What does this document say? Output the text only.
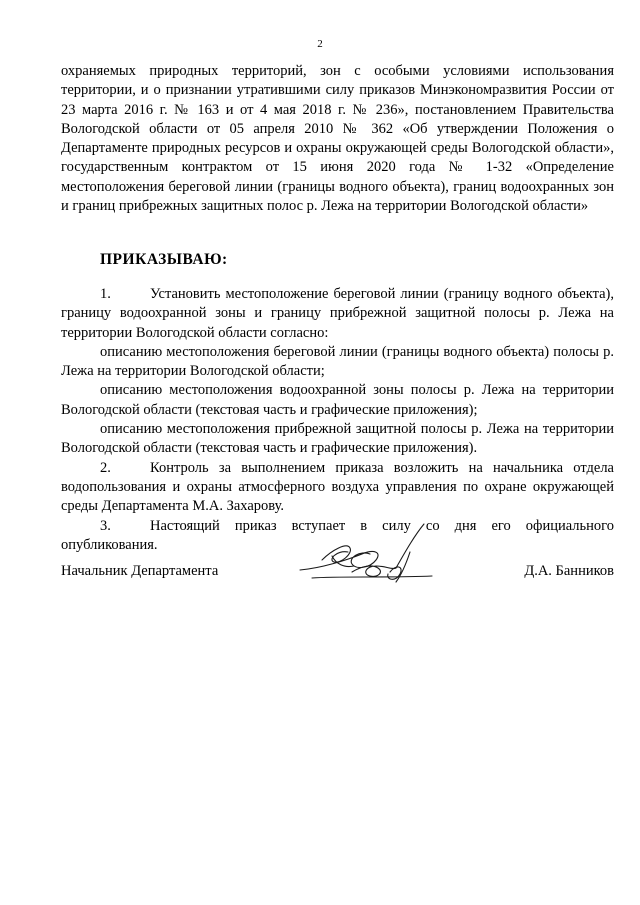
2

охраняемых природных территорий, зон с особыми условиями использования территории, и о признании утратившими силу приказов Минэкономразвития России от 23 марта 2016 г. № 163 и от 4 мая 2018 г. № 236», постановлением Правительства Вологодской области от 05 апреля 2010 № 362 «Об утверждении Положения о Департаменте природных ресурсов и охраны окружающей среды Вологодской области», государственным контрактом от 15 июня 2020 года № 1-32 «Определение местоположения береговой линии (границы водного объекта), границ водоохранных зон и границ прибрежных защитных полос р. Лежа на территории Вологодской области»

ПРИКАЗЫВАЮ:

1.	Установить местоположение береговой линии (границу водного объекта), границу водоохранной зоны и границу прибрежной защитной полосы р. Лежа на территории Вологодской области согласно:

описанию местоположения береговой линии (границы водного объекта) полосы р. Лежа на территории Вологодской области;

описанию местоположения водоохранной зоны полосы р. Лежа на территории Вологодской области (текстовая часть и графические приложения);

описанию местоположения прибрежной защитной полосы р. Лежа на территории Вологодской области (текстовая часть и графические приложения).

2.	Контроль за выполнением приказа возложить на начальника отдела водопользования и охраны атмосферного воздуха управления по охране окружающей среды Департамента М.А. Захарову.

3.	Настоящий приказ вступает в силу со дня его официального опубликования.

Начальник Департамента	Д.А. Банников
